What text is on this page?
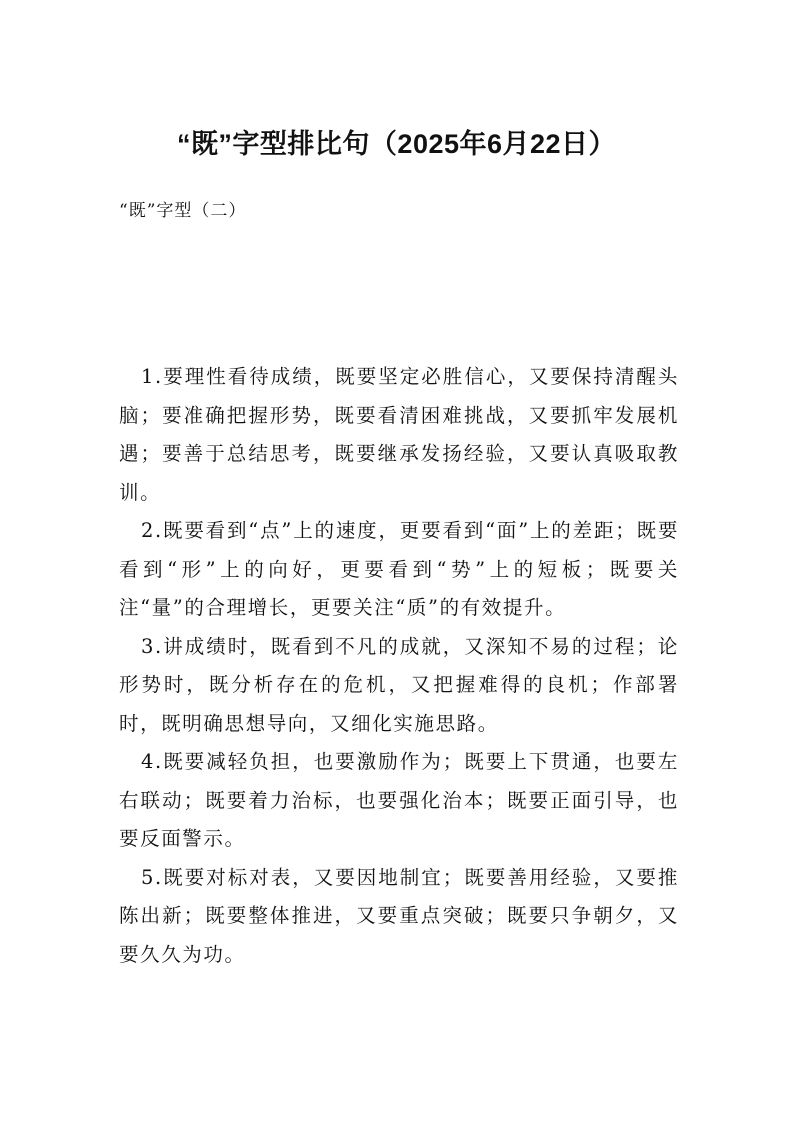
“既”字型排比句（2025年6月22日）

“既”字型（二）

1.要理性看待成绩，既要坚定必胜信心，又要保持清醒头脑；要准确把握形势，既要看清困难挑战，又要抓牢发展机遇；要善于总结思考，既要继承发扬经验，又要认真吸取教训。

2.既要看到“点”上的速度，更要看到“面”上的差距；既要看到“形”上的向好，更要看到“势”上的短板；既要关注“量”的合理增长，更要关注“质”的有效提升。

3.讲成绩时，既看到不凡的成就，又深知不易的过程；论形势时，既分析存在的危机，又把握难得的良机；作部署时，既明确思想导向，又细化实施思路。

4.既要减轻负担，也要激励作为；既要上下贯通，也要左右联动；既要着力治标，也要强化治本；既要正面引导，也要反面警示。

5.既要对标对表，又要因地制宜；既要善用经验，又要推陈出新；既要整体推进，又要重点突破；既要只争朝夕，又要久久为功。
